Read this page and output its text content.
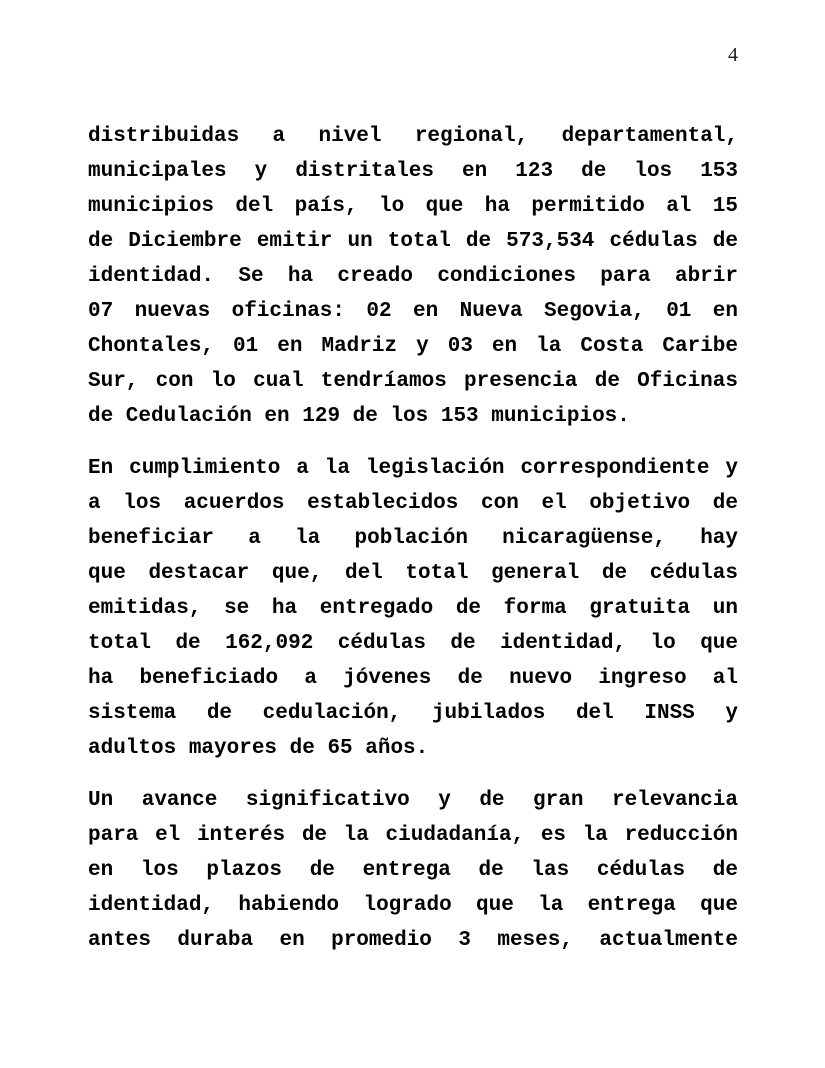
4
distribuidas a nivel regional, departamental,
municipales y distritales en 123 de los 153
municipios del país, lo que ha permitido al 15
de Diciembre emitir un total de 573,534 cédulas de
identidad. Se ha creado condiciones para abrir
07 nuevas oficinas: 02 en Nueva Segovia, 01 en
Chontales, 01 en Madriz y 03 en la Costa Caribe
Sur, con lo cual tendríamos presencia de Oficinas
de Cedulación en 129 de los 153 municipios.
En cumplimiento a la legislación correspondiente y
a los acuerdos establecidos con el objetivo de
beneficiar a la población nicaragüense, hay
que destacar que, del total general de cédulas
emitidas, se ha entregado de forma gratuita un
total de 162,092 cédulas de identidad, lo que
ha beneficiado a jóvenes de nuevo ingreso al
sistema de cedulación, jubilados del INSS y
adultos mayores de 65 años.
Un avance significativo y de gran relevancia
para el interés de la ciudadanía, es la reducción
en los plazos de entrega de las cédulas de
identidad, habiendo logrado que la entrega que
antes duraba en promedio 3 meses, actualmente
